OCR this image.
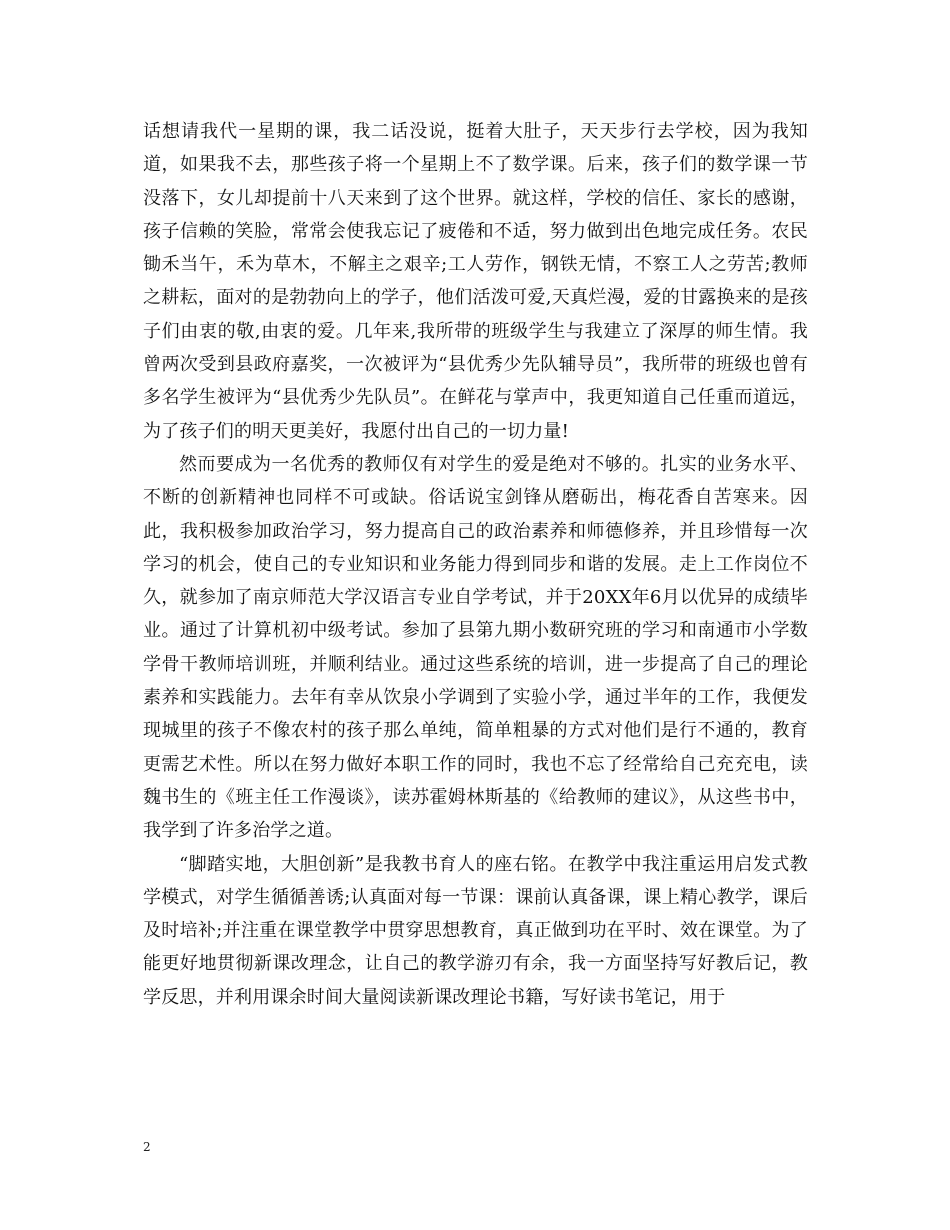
话想请我代一星期的课，我二话没说，挺着大肚子，天天步行去学校，因为我知道，如果我不去，那些孩子将一个星期上不了数学课。后来，孩子们的数学课一节没落下，女儿却提前十八天来到了这个世界。就这样，学校的信任、家长的感谢，孩子信赖的笑脸，常常会使我忘记了疲倦和不适，努力做到出色地完成任务。农民锄禾当午，禾为草木，不解主之艰辛;工人劳作，钢铁无情，不察工人之劳苦;教师之耕耘，面对的是勃勃向上的学子，他们活泼可爱,天真烂漫，爱的甘露换来的是孩子们由衷的敬,由衷的爱。几年来,我所带的班级学生与我建立了深厚的师生情。我曾两次受到县政府嘉奖，一次被评为“县优秀少先队辅导员”，我所带的班级也曾有多名学生被评为“县优秀少先队员”。在鲜花与掌声中，我更知道自己任重而道远，为了孩子们的明天更美好，我愿付出自己的一切力量!

然而要成为一名优秀的教师仅有对学生的爱是绝对不够的。扎实的业务水平、不断的创新精神也同样不可或缺。俗话说宝剑锋从磨砺出，梅花香自苦寒来。因此，我积极参加政治学习，努力提高自己的政治素养和师德修养，并且珍惜每一次学习的机会，使自己的专业知识和业务能力得到同步和谐的发展。走上工作岗位不久，就参加了南京师范大学汉语言专业自学考试，并于20XX年6月以优异的成绩毕业。通过了计算机初中级考试。参加了县第九期小数研究班的学习和南通市小学数学骨干教师培训班，并顺利结业。通过这些系统的培训，进一步提高了自己的理论素养和实践能力。去年有幸从饮泉小学调到了实验小学，通过半年的工作，我便发现城里的孩子不像农村的孩子那么单纯，简单粗暴的方式对他们是行不通的，教育更需艺术性。所以在努力做好本职工作的同时，我也不忘了经常给自己充充电，读魏书生的《班主任工作漫谈》，读苏霍姆林斯基的《给教师的建议》，从这些书中，我学到了许多治学之道。

“脚踏实地，大胆创新”是我教书育人的座右铭。在教学中我注重运用启发式教学模式，对学生循循善诱;认真面对每一节课：课前认真备课，课上精心教学，课后及时培补;并注重在课堂教学中贯穿思想教育，真正做到功在平时、效在课堂。为了能更好地贯彻新课改理念，让自己的教学游刃有余，我一方面坚持写好教后记，教学反思，并利用课余时间大量阅读新课改理论书籍，写好读书笔记，用于

2
